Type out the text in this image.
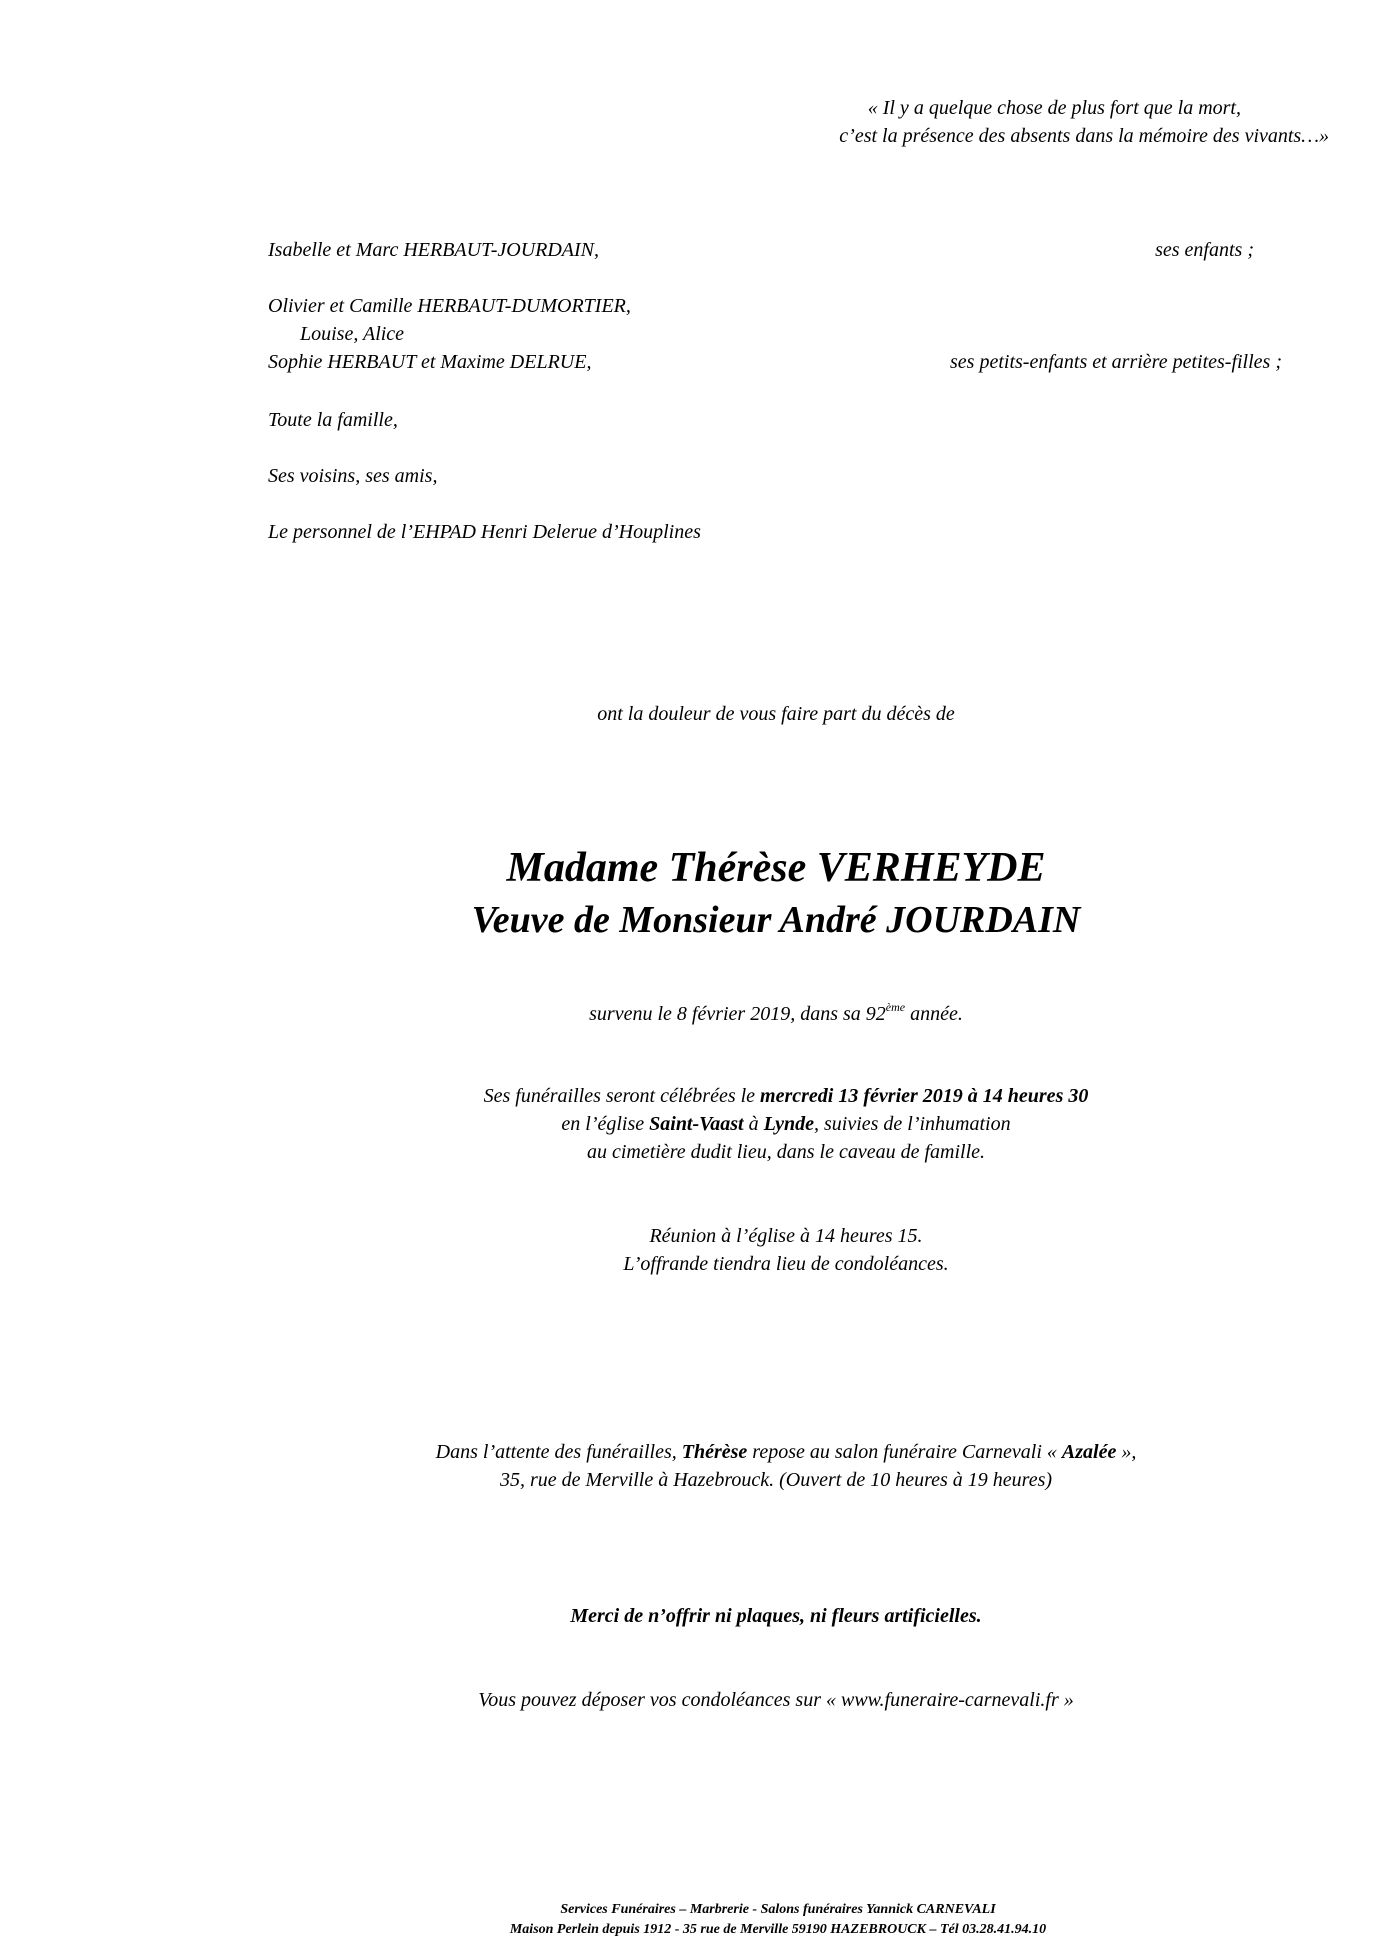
« Il y a quelque chose de plus fort que la mort,
c’est la présence des absents dans la mémoire des vivants…»
Isabelle et Marc HERBAUT-JOURDAIN,	ses enfants ;
Olivier et Camille HERBAUT-DUMORTIER,
Louise, Alice
Sophie HERBAUT et Maxime DELRUE,	ses petits-enfants et arrière petites-filles ;
Toute la famille,
Ses voisins, ses amis,
Le personnel de l’EHPAD Henri Delerue d’Houplines
ont la douleur de vous faire part du décès de
Madame Thérèse VERHEYDE
Veuve de Monsieur André JOURDAIN
survenu le 8 février 2019, dans sa 92ème année.
Ses funérailles seront célébrées le mercredi 13 février 2019 à 14 heures 30
en l’église Saint-Vaast à Lynde, suivies de l’inhumation
au cimetière dudit lieu, dans le caveau de famille.
Réunion à l’église à 14 heures 15.
L’offrande tiendra lieu de condoléances.
Dans l’attente des funérailles, Thérèse repose au salon funéraire Carnevali « Azalée »,
35, rue de Merville à Hazebrouck. (Ouvert de 10 heures à 19 heures)
Merci de n’offrir ni plaques, ni fleurs artificielles.
Vous pouvez déposer vos condoléances sur « www.funeraire-carnevali.fr »
Services Funéraires – Marbrerie - Salons funéraires Yannick CARNEVALI
Maison Perlein depuis 1912 - 35 rue de Merville 59190 HAZEBROUCK – Tél 03.28.41.94.10
